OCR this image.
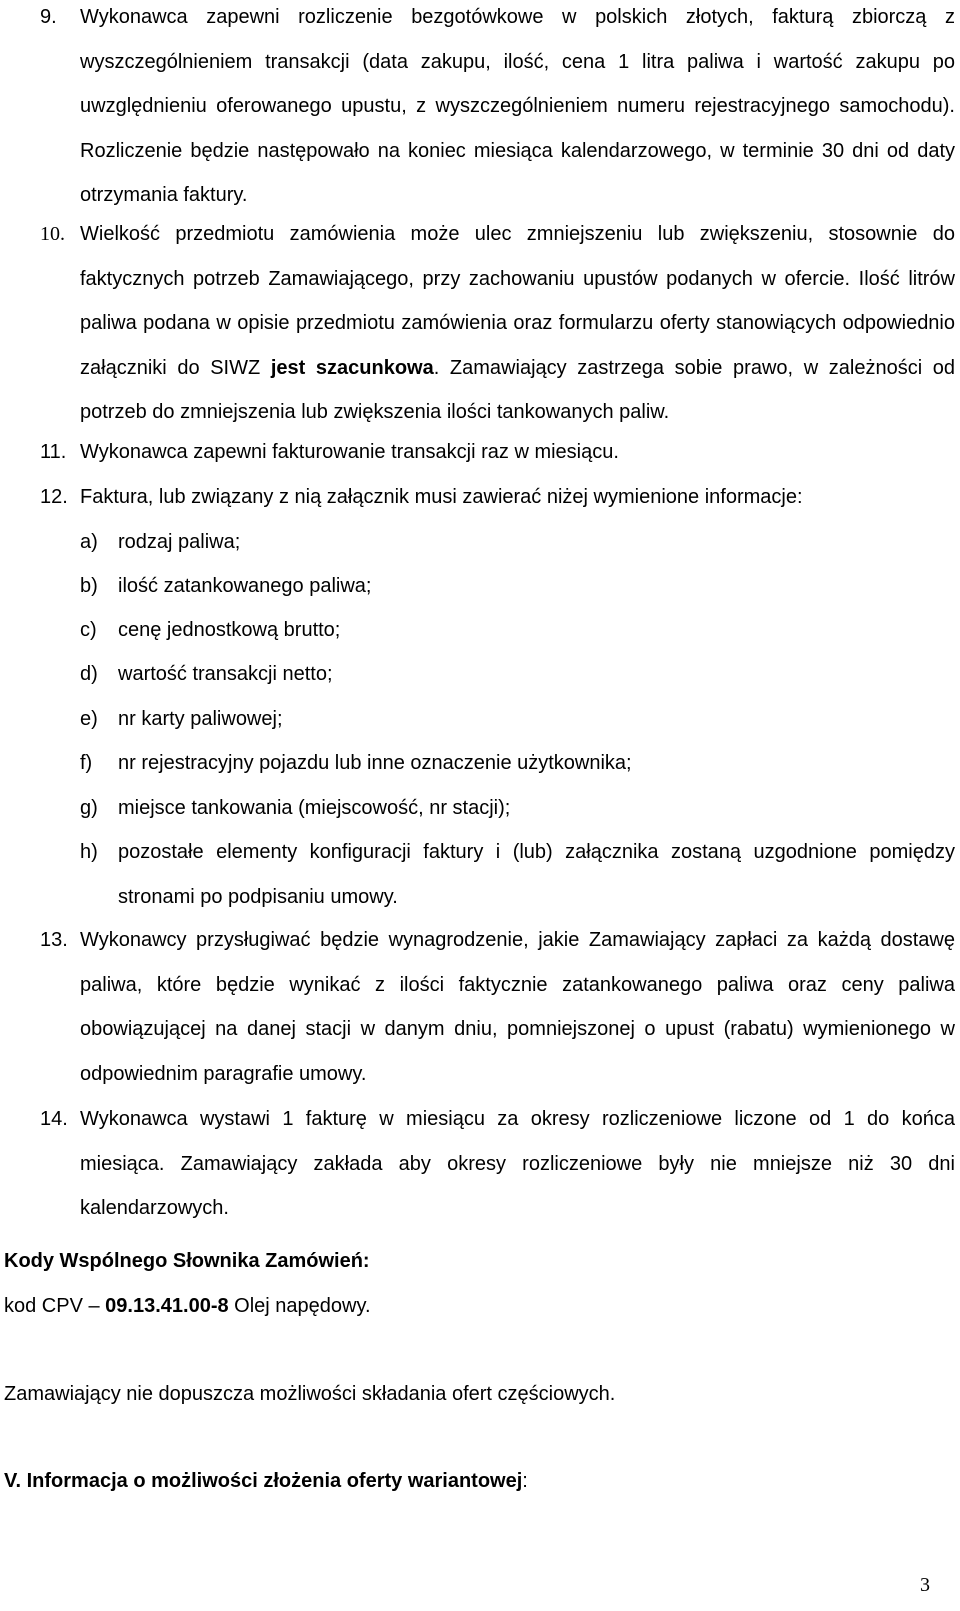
9. Wykonawca zapewni rozliczenie bezgotówkowe w polskich złotych, fakturą zbiorczą z wyszczególnieniem transakcji (data zakupu, ilość, cena 1 litra paliwa i wartość zakupu po uwzględnieniu oferowanego upustu, z wyszczególnieniem numeru rejestracyjnego samochodu). Rozliczenie będzie następowało na koniec miesiąca kalendarzowego, w terminie 30 dni od daty otrzymania faktury.
10. Wielkość przedmiotu zamówienia może ulec zmniejszeniu lub zwiększeniu, stosownie do faktycznych potrzeb Zamawiającego, przy zachowaniu upustów podanych w ofercie. Ilość litrów paliwa podana w opisie przedmiotu zamówienia oraz formularzu oferty stanowiących odpowiednio załączniki do SIWZ jest szacunkowa. Zamawiający zastrzega sobie prawo, w zależności od potrzeb do zmniejszenia lub zwiększenia ilości tankowanych paliw.
11. Wykonawca zapewni fakturowanie transakcji raz w miesiącu.
12. Faktura, lub związany z nią załącznik musi zawierać niżej wymienione informacje:
a) rodzaj paliwa;
b) ilość zatankowanego paliwa;
c) cenę jednostkową brutto;
d) wartość transakcji netto;
e) nr karty paliwowej;
f) nr rejestracyjny pojazdu lub inne oznaczenie użytkownika;
g) miejsce tankowania (miejscowość, nr stacji);
h) pozostałe elementy konfiguracji faktury i (lub) załącznika zostaną uzgodnione pomiędzy stronami po podpisaniu umowy.
13. Wykonawcy przysługiwać będzie wynagrodzenie, jakie Zamawiający zapłaci za każdą dostawę paliwa, które będzie wynikać z ilości faktycznie zatankowanego paliwa oraz ceny paliwa obowiązującej na danej stacji w danym dniu, pomniejszonej o upust (rabatu) wymienionego w odpowiednim paragrafie umowy.
14. Wykonawca wystawi 1 fakturę w miesiącu za okresy rozliczeniowe liczone od 1 do końca miesiąca. Zamawiający zakłada aby okresy rozliczeniowe były nie mniejsze niż 30 dni kalendarzowych.
Kody Wspólnego Słownika Zamówień:
kod CPV – 09.13.41.00-8 Olej napędowy.
Zamawiający nie dopuszcza możliwości składania ofert częściowych.
V. Informacja o możliwości złożenia oferty wariantowej:
3
